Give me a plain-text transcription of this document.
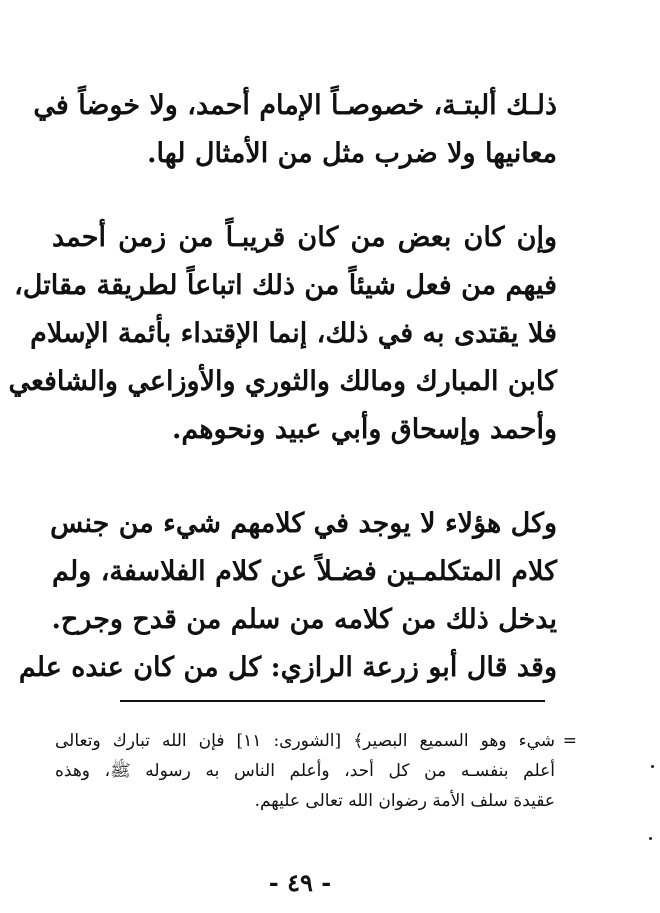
ذلـك ألبتـة، خصوصـاً الإمام أحمد، ولا خوضاً في
معانيها ولا ضرب مثل من الأمثال لها.
وإن كان بعض من كان قريبـاً من زمن أحمد
فيهم من فعل شيئاً من ذلك اتباعاً لطريقة مقاتل،
فلا يقتدى به في ذلك، إنما الإقتداء بأئمة الإسلام
كابن المبارك ومالك والثوري والأوزاعي والشافعي
وأحمد وإسحاق وأبي عبيد ونحوهم.
وكل هؤلاء لا يوجد في كلامهم شيء من جنس
كلام المتكلمـين فضـلاً عن كلام الفلاسفة، ولم
يدخل ذلك من كلامه من سلم من قدح وجرح.
وقد قال أبو زرعة الرازي: كل من كان عنده علم
=
شيء وهو السميع البصير﴾ [الشورى: ١١] فإن الله تبارك وتعالى
أعلم بنفسـه من كل أحد، وأعلم الناس به رسوله ﷺ، وهذه
عقيدة سلف الأمة رضوان الله تعالى عليهم.
- ٤٩ -
